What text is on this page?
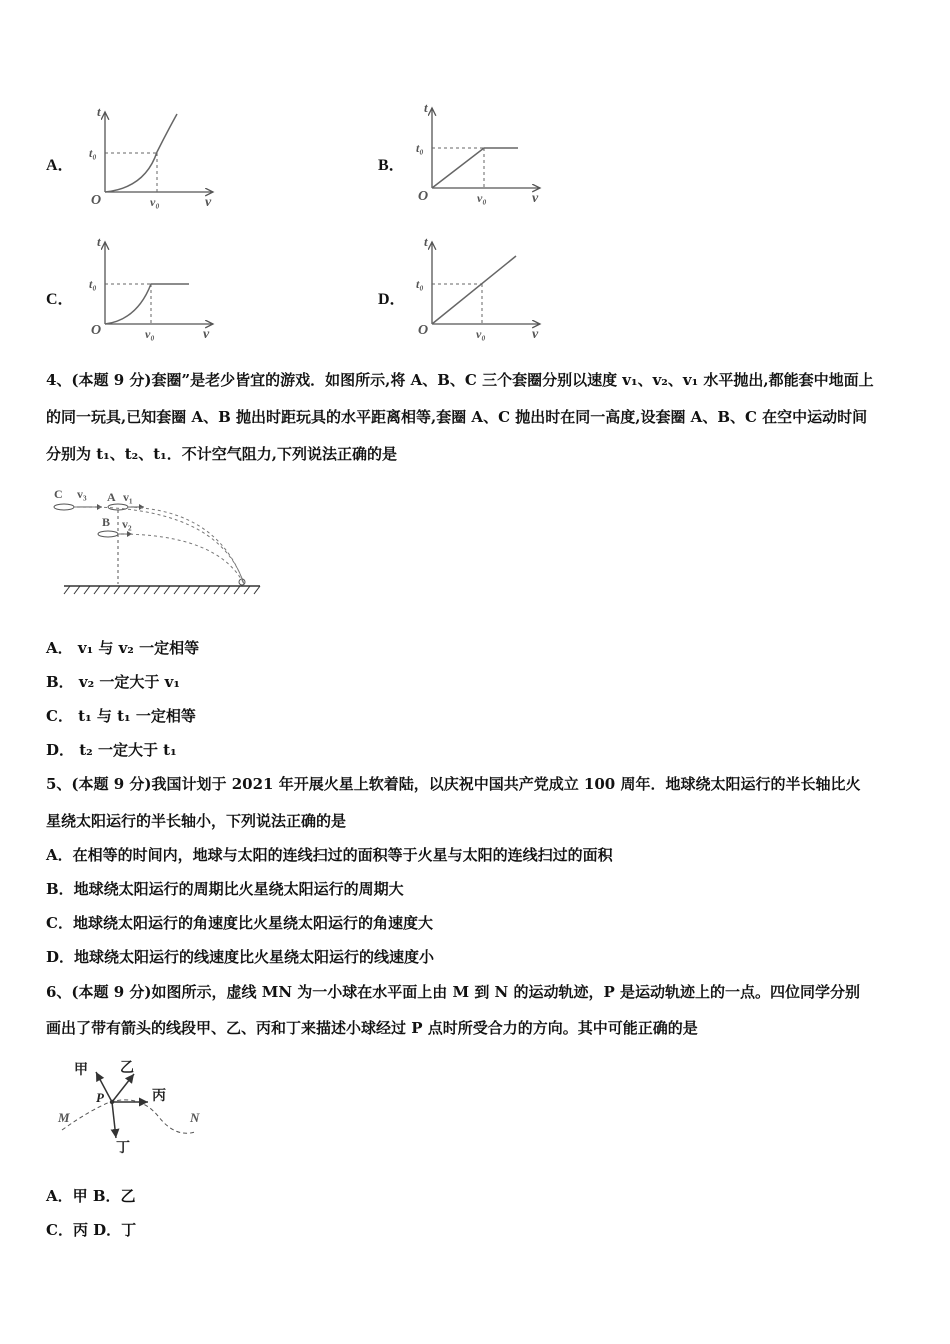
A．
t
t₀
O	v₀	v
B．
t
t₀
O	v₀	v
C．
t
t₀
O	v₀	v
D．
t
t₀
O	v₀	v
4、(本题 9 分)套圈”是老少皆宜的游戏．如图所示,将 A、B、C 三个套圈分别以速度 v₁、v₂、v₁ 水平抛出,都能套中地面上
的同一玩具,已知套圈 A、B 抛出时距玩具的水平距离相等,套圈 A、C 抛出时在同一高度,设套圈 A、B、C 在空中运动时间
分别为 t₁、t₂、t₁．不计空气阻力,下列说法正确的是
C v₃ A v₁
B v₂
A． v₁ 与 v₂ 一定相等
B． v₂ 一定大于 v₁
C． t₁ 与 t₁ 一定相等
D． t₂ 一定大于 t₁
5、(本题 9 分)我国计划于 2021 年开展火星上软着陆，以庆祝中国共产党成立 100 周年．地球绕太阳运行的半长轴比火
星绕太阳运行的半长轴小，下列说法正确的是
A．在相等的时间内，地球与太阳的连线扫过的面积等于火星与太阳的连线扫过的面积
B．地球绕太阳运行的周期比火星绕太阳运行的周期大
C．地球绕太阳运行的角速度比火星绕太阳运行的角速度大
D．地球绕太阳运行的线速度比火星绕太阳运行的线速度小
6、(本题 9 分)如图所示，虚线 MN 为一小球在水平面上由 M 到 N 的运动轨迹，P 是运动轨迹上的一点。四位同学分别
画出了带有箭头的线段甲、乙、丙和丁来描述小球经过 P 点时所受合力的方向。其中可能正确的是
甲 乙
丙
丁
P
M	N
A．甲 B．乙
C．丙 D．丁
